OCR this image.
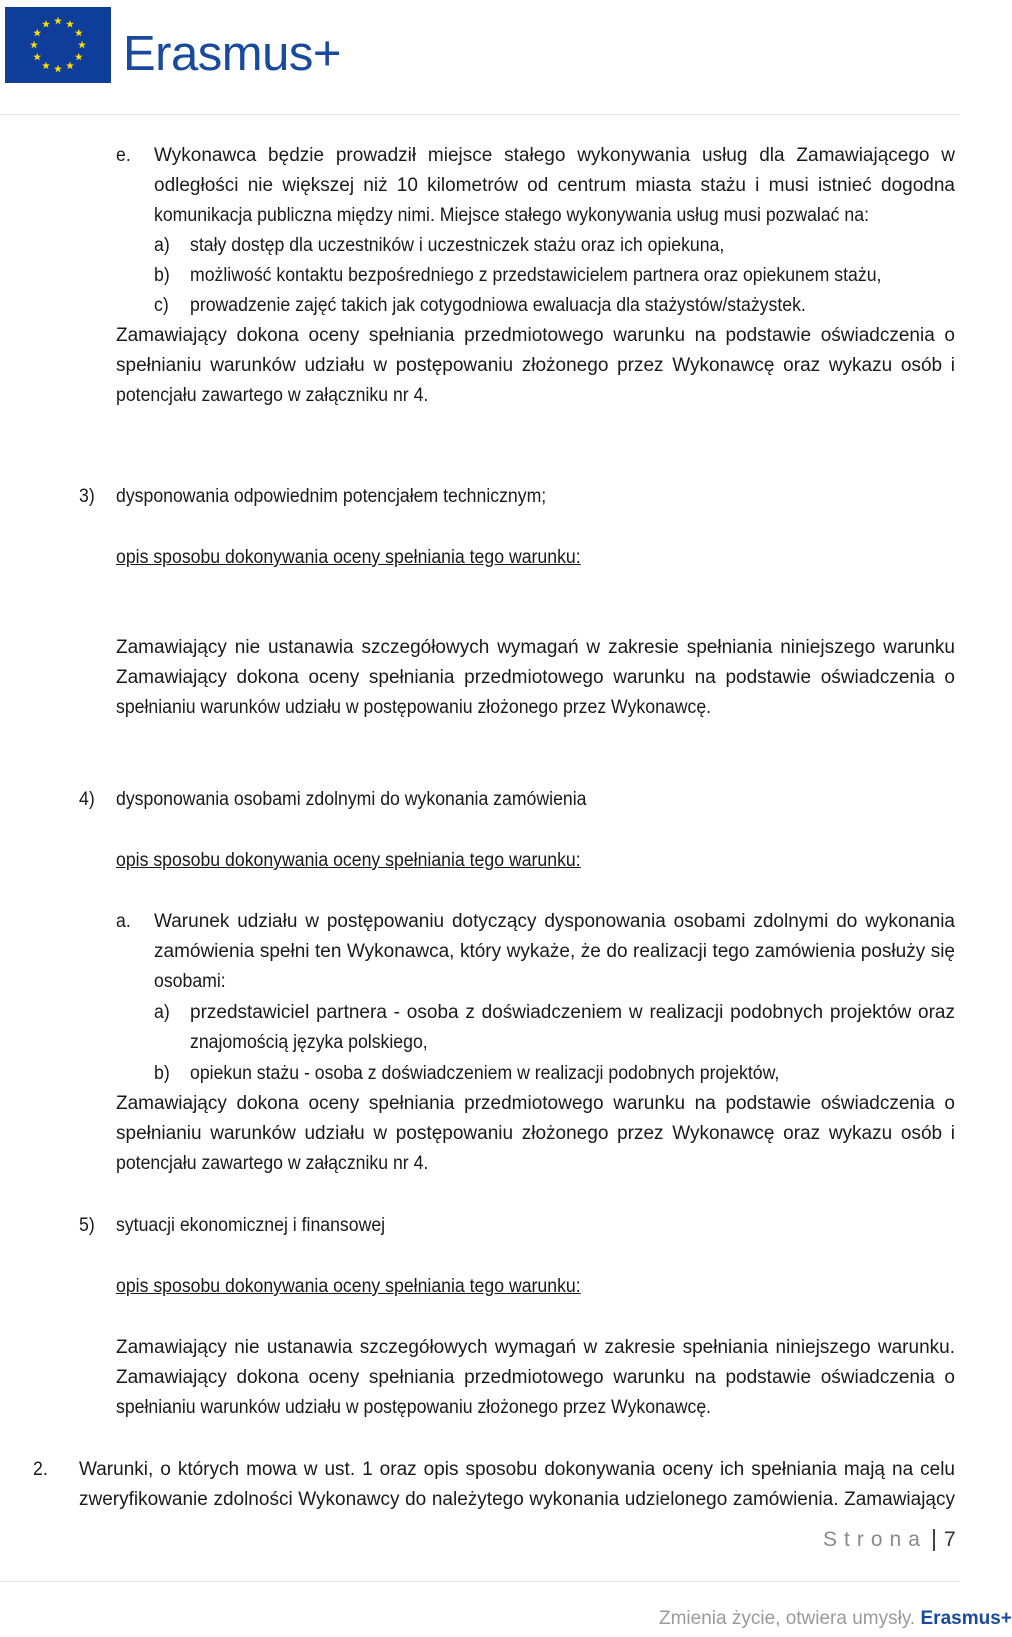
Erasmus+
e. Wykonawca będzie prowadził miejsce stałego wykonywania usług dla Zamawiającego w
odległości nie większej niż 10 kilometrów od centrum miasta stażu i musi istnieć dogodna
komunikacja publiczna między nimi. Miejsce stałego wykonywania usług musi pozwalać na:
a) stały dostęp dla uczestników i uczestniczek stażu oraz ich opiekuna,
b) możliwość kontaktu bezpośredniego z przedstawicielem partnera oraz opiekunem stażu,
c) prowadzenie zajęć takich jak cotygodniowa ewaluacja dla stażystów/stażystek.
Zamawiający dokona oceny spełniania przedmiotowego warunku na podstawie oświadczenia o
spełnianiu warunków udziału w postępowaniu złożonego przez Wykonawcę oraz wykazu osób i
potencjału zawartego w załączniku nr 4.
3) dysponowania odpowiednim potencjałem technicznym;
opis sposobu dokonywania oceny spełniania tego warunku:
Zamawiający nie ustanawia szczegółowych wymagań w zakresie spełniania niniejszego warunku
Zamawiający dokona oceny spełniania przedmiotowego warunku na podstawie oświadczenia o
spełnianiu warunków udziału w postępowaniu złożonego przez Wykonawcę.
4) dysponowania osobami zdolnymi do wykonania zamówienia
opis sposobu dokonywania oceny spełniania tego warunku:
a. Warunek udziału w postępowaniu dotyczący dysponowania osobami zdolnymi do wykonania
zamówienia spełni ten Wykonawca, który wykaże, że do realizacji tego zamówienia posłuży się
osobami:
a) przedstawiciel partnera - osoba z doświadczeniem w realizacji podobnych projektów oraz
znajomością języka polskiego,
b) opiekun stażu - osoba z doświadczeniem w realizacji podobnych projektów,
Zamawiający dokona oceny spełniania przedmiotowego warunku na podstawie oświadczenia o
spełnianiu warunków udziału w postępowaniu złożonego przez Wykonawcę oraz wykazu osób i
potencjału zawartego w załączniku nr 4.
5) sytuacji ekonomicznej i finansowej
opis sposobu dokonywania oceny spełniania tego warunku:
Zamawiający nie ustanawia szczegółowych wymagań w zakresie spełniania niniejszego warunku.
Zamawiający dokona oceny spełniania przedmiotowego warunku na podstawie oświadczenia o
spełnianiu warunków udziału w postępowaniu złożonego przez Wykonawcę.
2. Warunki, o których mowa w ust. 1 oraz opis sposobu dokonywania oceny ich spełniania mają na celu
zweryfikowanie zdolności Wykonawcy do należytego wykonania udzielonego zamówienia. Zamawiający
Strona 7
Zmienia życie, otwiera umysły. Erasmus+
